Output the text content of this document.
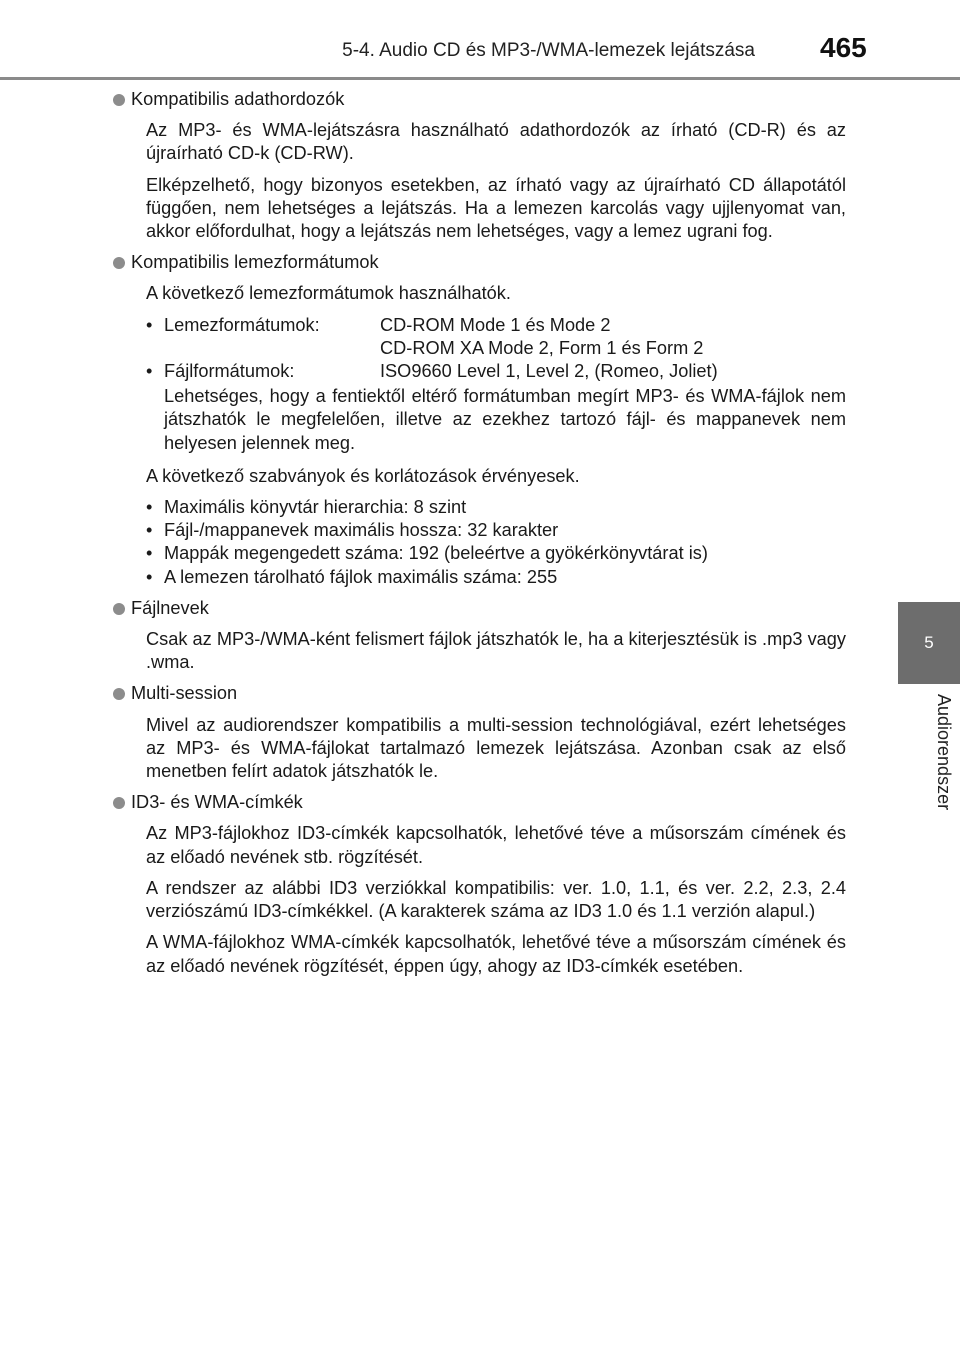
5-4. Audio CD és MP3-/WMA-lemezek lejátszása 465
5
Audiorendszer
Kompatibilis adathordozók

Az MP3- és WMA-lejátszásra használható adathordozók az írható (CD-R) és az újraírható CD-k (CD-RW).

Elképzelhető, hogy bizonyos esetekben, az írható vagy az újraírható CD állapotától függően, nem lehetséges a lejátszás. Ha a lemezen karcolás vagy ujjlenyomat van, akkor előfordulhat, hogy a lejátszás nem lehetséges, vagy a lemez ugrani fog.

Kompatibilis lemezformátumok

A következő lemezformátumok használhatók.

• Lemezformátumok:	CD-ROM Mode 1 és Mode 2
CD-ROM XA Mode 2, Form 1 és Form 2
• Fájlformátumok:	ISO9660 Level 1, Level 2, (Romeo, Joliet)
Lehetséges, hogy a fentiektől eltérő formátumban megírt MP3- és WMA-fájlok nem játszhatók le megfelelően, illetve az ezekhez tartozó fájl- és mappanevek nem helyesen jelennek meg.

A következő szabványok és korlátozások érvényesek.

• Maximális könyvtár hierarchia: 8 szint
• Fájl-/mappanevek maximális hossza: 32 karakter
• Mappák megengedett száma: 192 (beleértve a gyökérkönyvtárat is)
• A lemezen tárolható fájlok maximális száma: 255
Fájlnevek

Csak az MP3-/WMA-ként felismert fájlok játszhatók le, ha a kiterjesztésük is .mp3 vagy .wma.

Multi-session

Mivel az audiorendszer kompatibilis a multi-session technológiával, ezért lehetséges az MP3- és WMA-fájlokat tartalmazó lemezek lejátszása. Azonban csak az első menetben felírt adatok játszhatók le.

ID3- és WMA-címkék

Az MP3-fájlokhoz ID3-címkék kapcsolhatók, lehetővé téve a műsorszám címének és az előadó nevének stb. rögzítését.

A rendszer az alábbi ID3 verziókkal kompatibilis: ver. 1.0, 1.1, és ver. 2.2, 2.3, 2.4 verziószámú ID3-címkékkel. (A karakterek száma az ID3 1.0 és 1.1 verzión alapul.)

A WMA-fájlokhoz WMA-címkék kapcsolhatók, lehetővé téve a műsorszám címének és az előadó nevének rögzítését, éppen úgy, ahogy az ID3-címkék esetében.
